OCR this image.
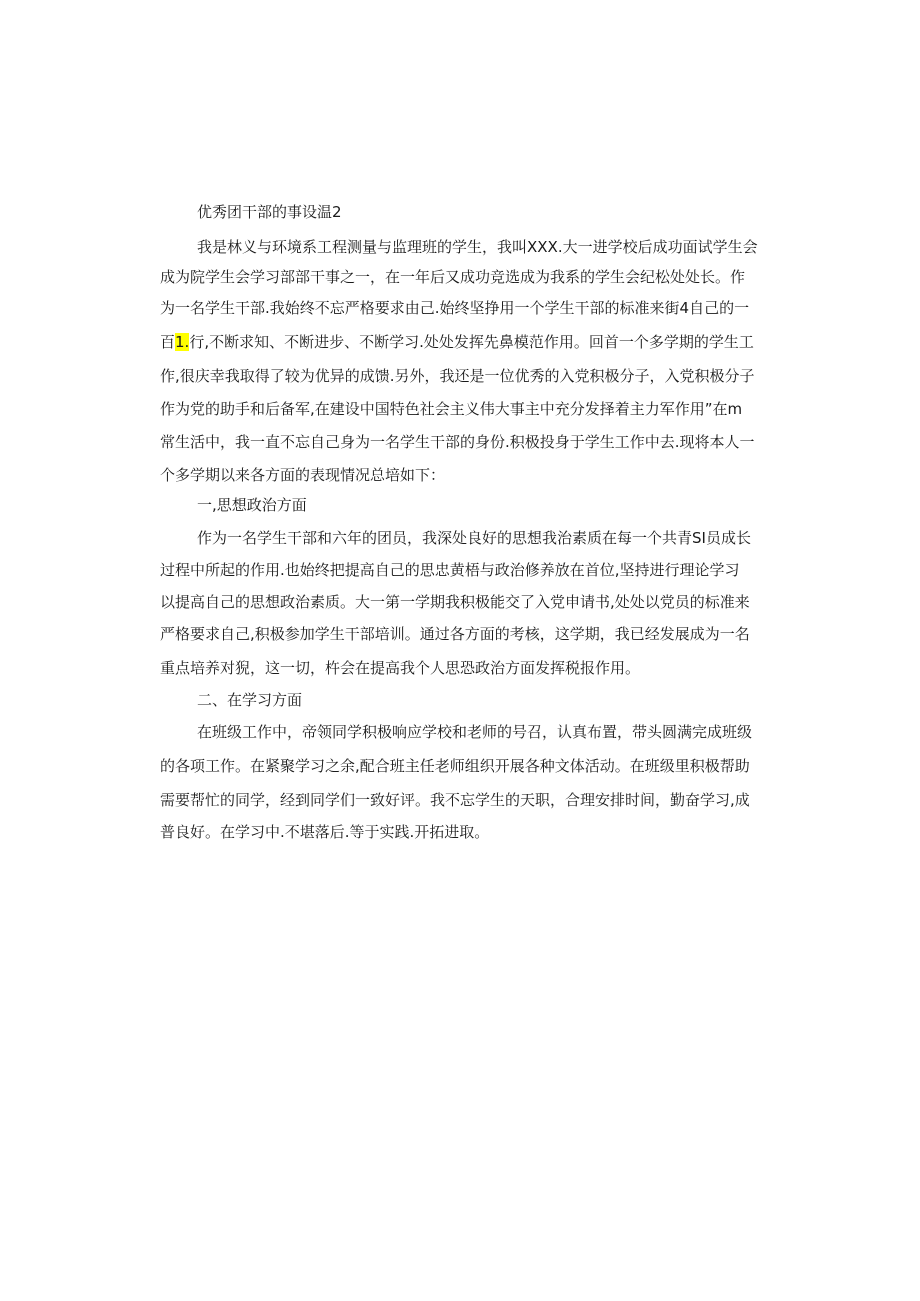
优秀团干部的事设温2
我是林义与环境系工程测量与监理班的学生，我叫XXX.大一进学校后成功面试学生会
成为院学生会学习部部干事之一，在一年后又成功竞选成为我系的学生会纪松处处长。作
为一名学生干部.我始终不忘严格要求由己.始终坚挣用一个学生干部的标准来街4自己的一
百1.行,不断求知、不断进步、不断学习.处处发挥先鼻模范作用。回首一个多学期的学生工
作,很庆幸我取得了较为优异的成馈.另外，我还是一位优秀的入党积极分子，入党积极分子
作为党的助手和后备军,在建设中国特色社会主义伟大事主中充分发择着主力军作用”在m
常生活中，我一直不忘自己身为一名学生干部的身份.积极投身于学生工作中去.现将本人一
个多学期以来各方面的表现情况总培如下：
一,思想政治方面
作为一名学生干部和六年的团员，我深处良好的思想我治素质在每一个共青SI员成长
过程中所起的作用.也始终把提高自己的思忠黄梧与政治修养放在首位,坚持进行理论学习
以提高自己的思想政治素质。大一第一学期我积极能交了入党申请书,处处以党员的标准来
严格要求自己,积极参加学生干部培训。通过各方面的考核，这学期，我已经发展成为一名
重点培养对猊，这一切，杵会在提高我个人思恐政治方面发挥税报作用。
二、在学习方面
在班级工作中，帝领同学积极响应学校和老师的号召，认真布置，带头圆满完成班级
的各项工作。在紧聚学习之余,配合班主任老师组织开展各种文体活动。在班级里积极帮助
需要帮忙的同学，经到同学们一致好评。我不忘学生的天职，合理安排时间，勤奋学习,成
普良好。在学习中.不堪落后.等于实践.开拓进取。
